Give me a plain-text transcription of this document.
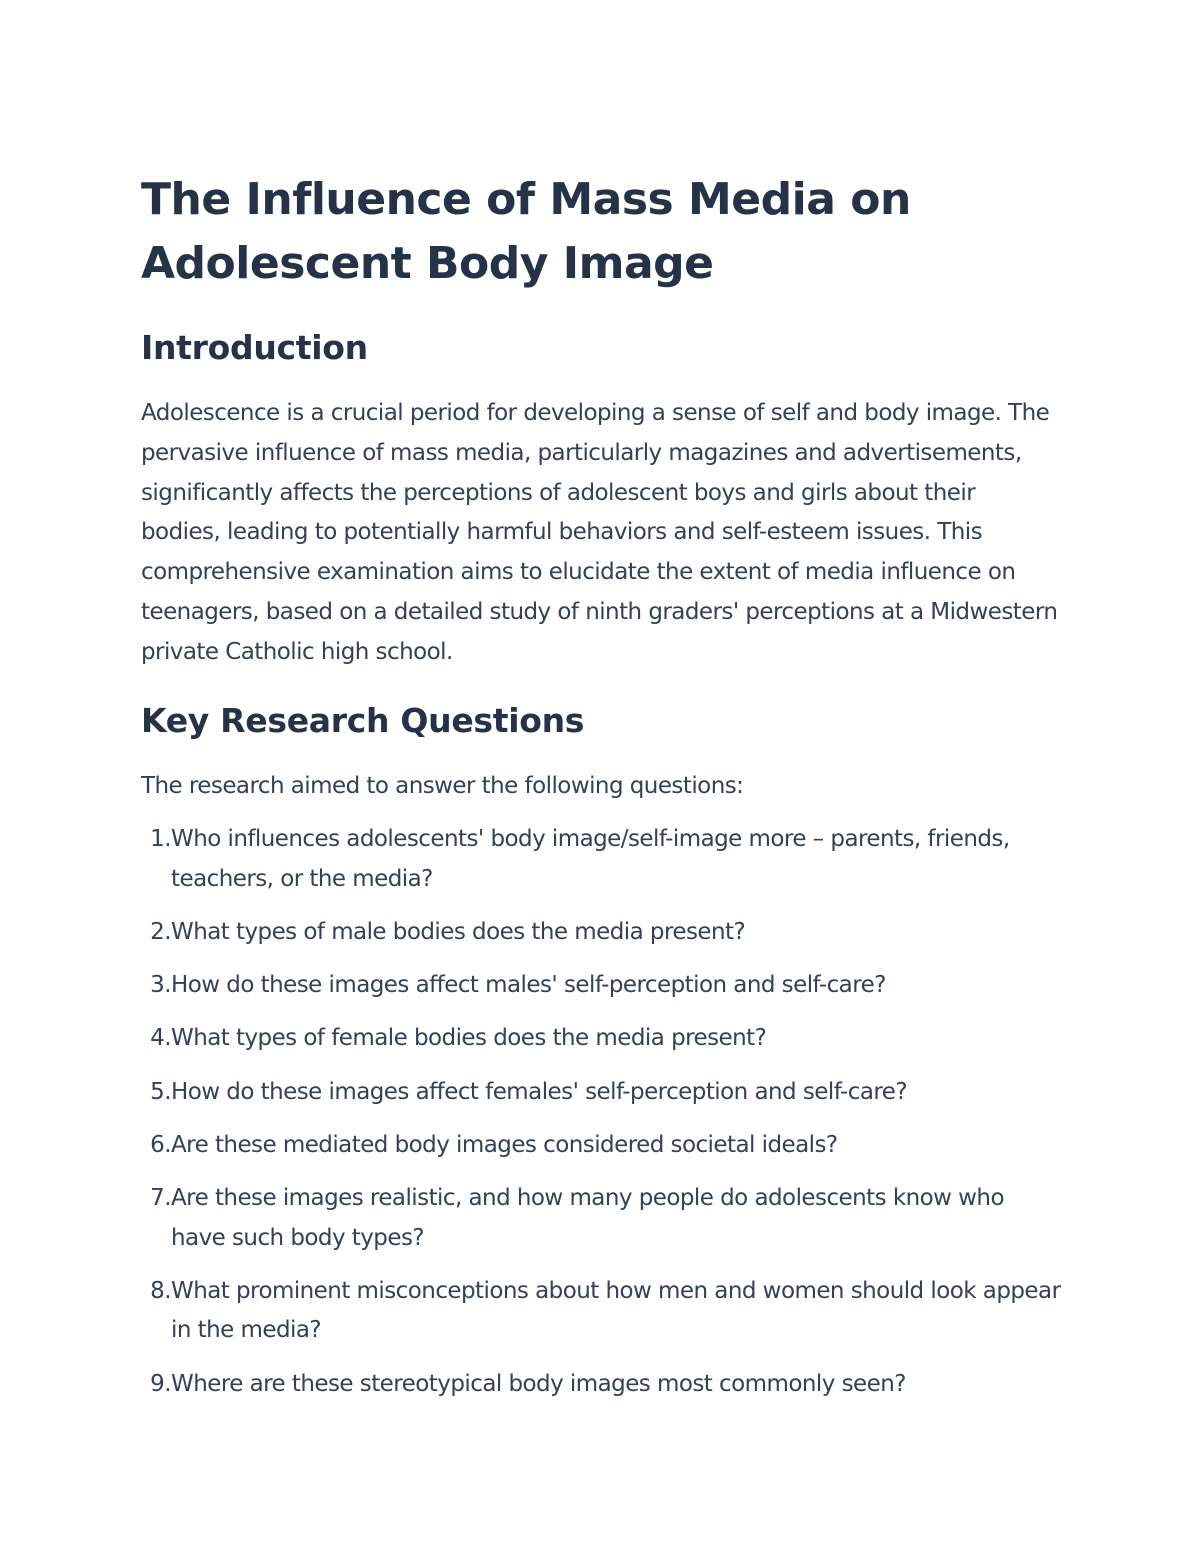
The Influence of Mass Media on Adolescent Body Image
Introduction

Adolescence is a crucial period for developing a sense of self and body image. The pervasive influence of mass media, particularly magazines and advertisements, significantly affects the perceptions of adolescent boys and girls about their bodies, leading to potentially harmful behaviors and self-esteem issues. This comprehensive examination aims to elucidate the extent of media influence on teenagers, based on a detailed study of ninth graders' perceptions at a Midwestern private Catholic high school.

Key Research Questions

The research aimed to answer the following questions:

1. Who influences adolescents' body image/self-image more – parents, friends, teachers, or the media?
2. What types of male bodies does the media present?
3. How do these images affect males' self-perception and self-care?
4. What types of female bodies does the media present?
5. How do these images affect females' self-perception and self-care?
6. Are these mediated body images considered societal ideals?
7. Are these images realistic, and how many people do adolescents know who have such body types?
8. What prominent misconceptions about how men and women should look appear in the media?
9. Where are these stereotypical body images most commonly seen?
